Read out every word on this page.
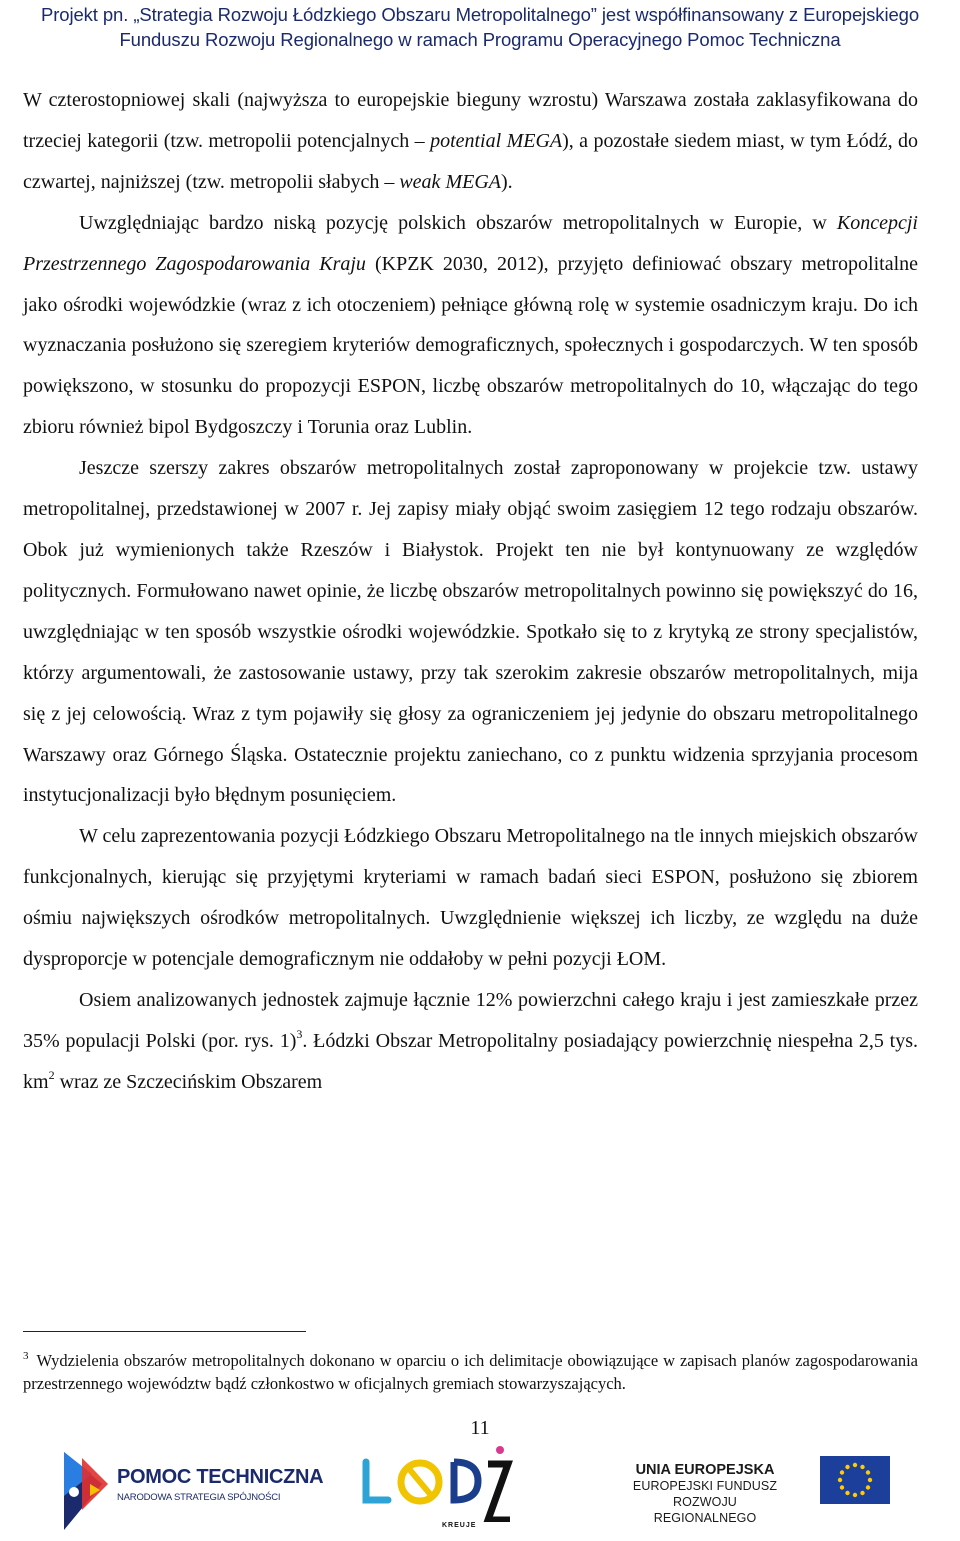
Projekt pn. „Strategia Rozwoju Łódzkiego Obszaru Metropolitalnego” jest współfinansowany z Europejskiego
Funduszu Rozwoju Regionalnego w ramach Programu Operacyjnego Pomoc Techniczna

W czterostopniowej skali (najwyższa to europejskie bieguny wzrostu) Warszawa została zaklasyfikowana do trzeciej kategorii (tzw. metropolii potencjalnych – potential MEGA), a pozostałe siedem miast, w tym Łódź, do czwartej, najniższej (tzw. metropolii słabych – weak MEGA).

Uwzględniając bardzo niską pozycję polskich obszarów metropolitalnych w Europie, w Koncepcji Przestrzennego Zagospodarowania Kraju (KPZK 2030, 2012), przyjęto definiować obszary metropolitalne jako ośrodki wojewódzkie (wraz z ich otoczeniem) pełniące główną rolę w systemie osadniczym kraju. Do ich wyznaczania posłużono się szeregiem kryteriów demograficznych, społecznych i gospodarczych. W ten sposób powiększono, w stosunku do propozycji ESPON, liczbę obszarów metropolitalnych do 10, włączając do tego zbioru również bipol Bydgoszczy i Torunia oraz Lublin.

Jeszcze szerszy zakres obszarów metropolitalnych został zaproponowany w projekcie tzw. ustawy metropolitalnej, przedstawionej w 2007 r. Jej zapisy miały objąć swoim zasięgiem 12 tego rodzaju obszarów. Obok już wymienionych także Rzeszów i Białystok. Projekt ten nie był kontynuowany ze względów politycznych. Formułowano nawet opinie, że liczbę obszarów metropolitalnych powinno się powiększyć do 16, uwzględniając w ten sposób wszystkie ośrodki wojewódzkie. Spotkało się to z krytyką ze strony specjalistów, którzy argumentowali, że zastosowanie ustawy, przy tak szerokim zakresie obszarów metropolitalnych, mija się z jej celowością. Wraz z tym pojawiły się głosy za ograniczeniem jej jedynie do obszaru metropolitalnego Warszawy oraz Górnego Śląska. Ostatecznie projektu zaniechano, co z punktu widzenia sprzyjania procesom instytucjonalizacji było błędnym posunięciem.

W celu zaprezentowania pozycji Łódzkiego Obszaru Metropolitalnego na tle innych miejskich obszarów funkcjonalnych, kierując się przyjętymi kryteriami w ramach badań sieci ESPON, posłużono się zbiorem ośmiu największych ośrodków metropolitalnych. Uwzględnienie większej ich liczby, ze względu na duże dysproporcje w potencjale demograficznym nie oddałoby w pełni pozycji ŁOM.

Osiem analizowanych jednostek zajmuje łącznie 12% powierzchni całego kraju i jest zamieszkałe przez 35% populacji Polski (por. rys. 1)$^3$. Łódzki Obszar Metropolitalny posiadający powierzchnię niespełna 2,5 tys. $km^2$ wraz ze Szczecińskim Obszarem

$^3$ Wydzielenia obszarów metropolitalnych dokonano w oparciu o ich delimitacje obowiązujące w zapisach planów zagospodarowania przestrzennego województw bądź członkostwo w oficjalnych gremiach stowarzyszających.
11
POMOC TECHNICZNA
NARODOWA STRATEGIA SPÓJNOŚCI
KREUJE
UNIA EUROPEJSKA
EUROPEJSKI FUNDUSZ
ROZWOJU REGIONALNEGO
